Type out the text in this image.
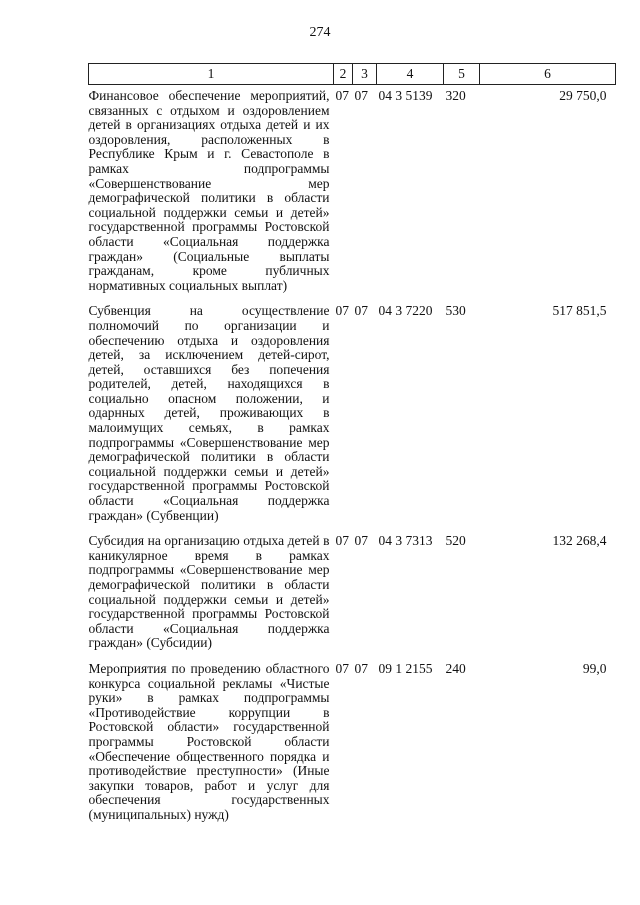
274
1	2	3	4	5	6
Финансовое обеспечение мероприятий, связанных с отдыхом и оздоровлением детей в организациях отдыха детей и их оздоровления, расположенных в Республике Крым и г. Севастополе в рамках подпрограммы «Совершенствование мер демографической политики в области социальной поддержки семьи и детей» государственной программы Ростовской области «Социальная поддержка граждан» (Социальные выплаты гражданам, кроме публичных нормативных социальных выплат)	07	07	04 3 5139	320	29 750,0
Субвенция на осуществление полномочий по организации и обеспечению отдыха и оздоровления детей, за исключением детей-сирот, детей, оставшихся без попечения родителей, детей, находящихся в социально опасном положении, и одарнных детей, проживающих в малоимущих семьях, в рамках подпрограммы «Совершенствование мер демографической политики в области социальной поддержки семьи и детей» государственной программы Ростовской области «Социальная поддержка граждан» (Субвенции)	07	07	04 3 7220	530	517 851,5
Субсидия на организацию отдыха детей в каникулярное время в рамках подпрограммы «Совершенствование мер демографической политики в области социальной поддержки семьи и детей» государственной программы Ростовской области «Социальная поддержка граждан» (Субсидии)	07	07	04 3 7313	520	132 268,4
Мероприятия по проведению областного конкурса социальной рекламы «Чистые руки» в рамках подпрограммы «Противодействие коррупции в Ростовской области» государственной программы Ростовской области «Обеспечение общественного порядка и противодействие преступности» (Иные закупки товаров, работ и услуг для обеспечения государственных (муниципальных) нужд)	07	07	09 1 2155	240	99,0
